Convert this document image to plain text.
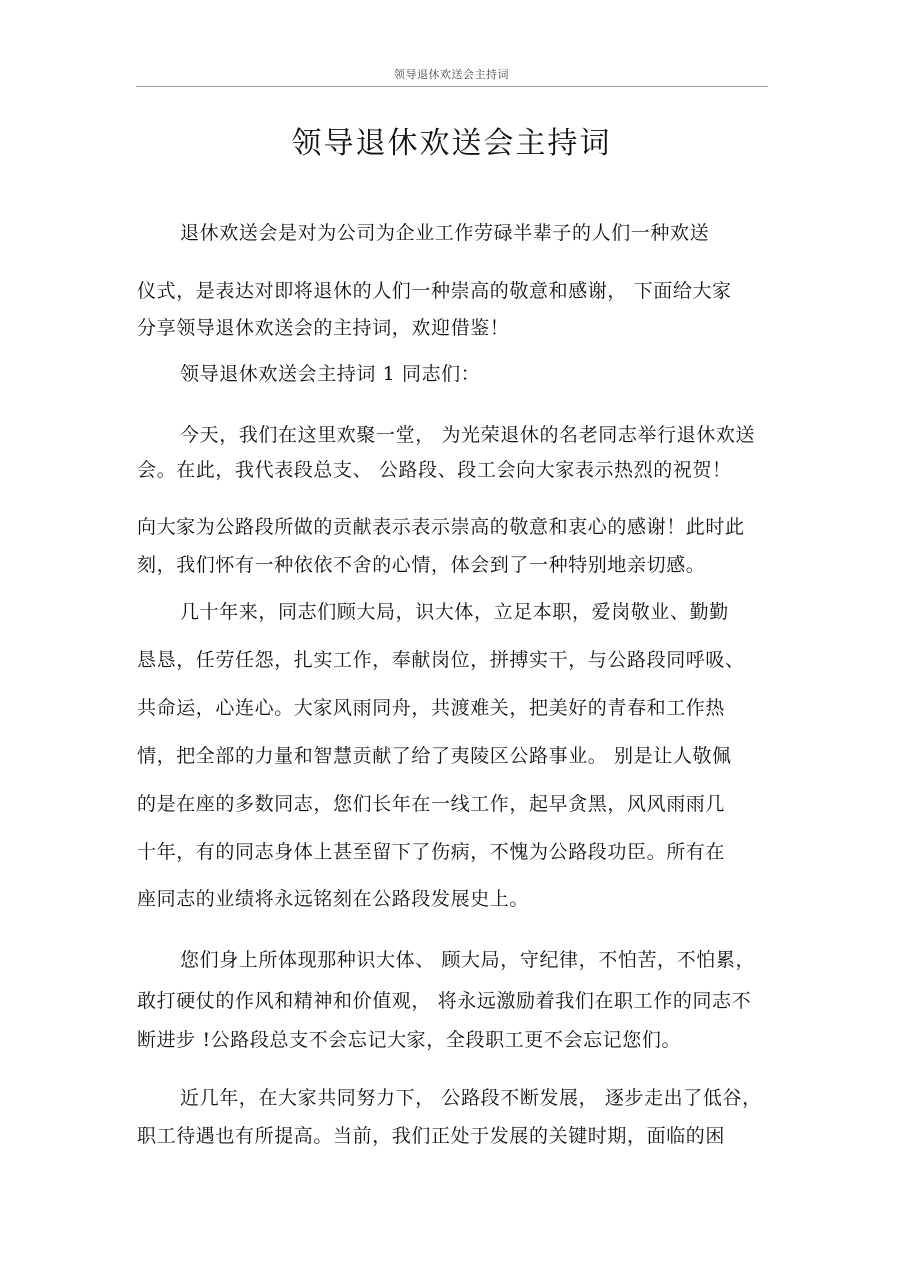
领导退休欢送会主持词
领导退休欢送会主持词
退休欢送会是对为公司为企业工作劳碌半辈子的人们一种欢送
仪式，是表达对即将退休的人们一种崇高的敬意和感谢， 下面给大家
分享领导退休欢送会的主持词，欢迎借鉴！
领导退休欢送会主持词 1 同志们：
今天，我们在这里欢聚一堂， 为光荣退休的名老同志举行退休欢送
会。在此，我代表段总支、 公路段、段工会向大家表示热烈的祝贺！
向大家为公路段所做的贡献表示表示崇高的敬意和衷心的感谢！此时此
刻，我们怀有一种依依不舍的心情，体会到了一种特别地亲切感。
几十年来，同志们顾大局，识大体，立足本职，爱岗敬业、勤勤
恳恳，任劳任怨，扎实工作，奉献岗位，拼搏实干，与公路段同呼吸、
共命运，心连心。大家风雨同舟，共渡难关，把美好的青春和工作热
情，把全部的力量和智慧贡献了给了夷陵区公路事业。 别是让人敬佩
的是在座的多数同志，您们长年在一线工作，起早贪黑，风风雨雨几
十年，有的同志身体上甚至留下了伤病，不愧为公路段功臣。所有在
座同志的业绩将永远铭刻在公路段发展史上。
您们身上所体现那种识大体、 顾大局，守纪律，不怕苦，不怕累，
敢打硬仗的作风和精神和价值观， 将永远激励着我们在职工作的同志不
断进步 !公路段总支不会忘记大家，全段职工更不会忘记您们。
近几年，在大家共同努力下， 公路段不断发展， 逐步走出了低谷，
职工待遇也有所提高。当前，我们正处于发展的关键时期，面临的困
